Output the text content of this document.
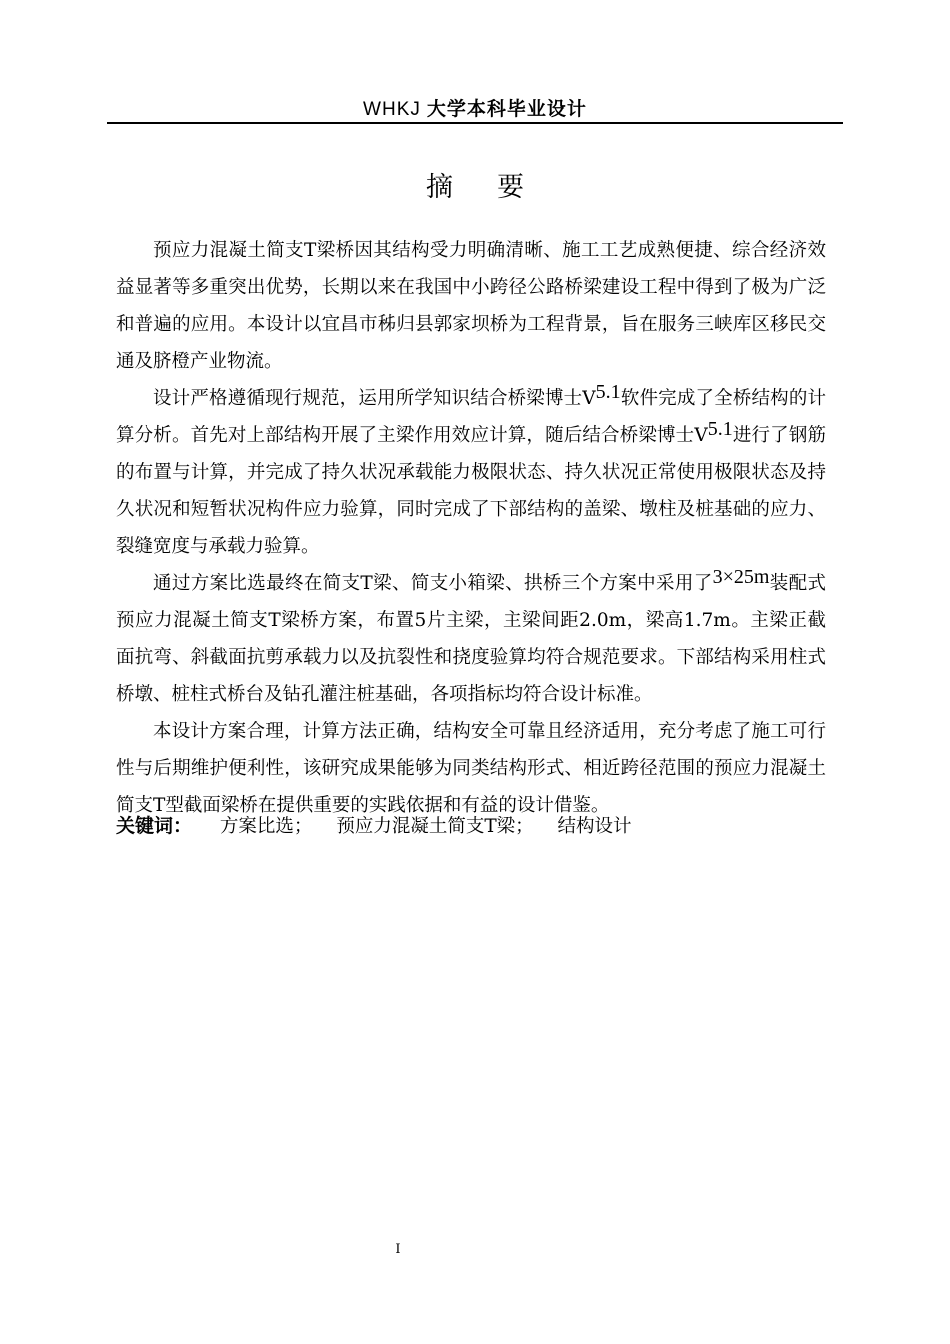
WHKJ 大学本科毕业设计
摘要

预应力混凝土简支T梁桥因其结构受力明确清晰、施工工艺成熟便捷、综合经济效益显著等多重突出优势，长期以来在我国中小跨径公路桥梁建设工程中得到了极为广泛和普遍的应用。本设计以宜昌市秭归县郭家坝桥为工程背景，旨在服务三峡库区移民交通及脐橙产业物流。

设计严格遵循现行规范，运用所学知识结合桥梁博士V5.1软件完成了全桥结构的计算分析。首先对上部结构开展了主梁作用效应计算，随后结合桥梁博士V5.1进行了钢筋的布置与计算，并完成了持久状况承载能力极限状态、持久状况正常使用极限状态及持久状况和短暂状况构件应力验算，同时完成了下部结构的盖梁、墩柱及桩基础的应力、裂缝宽度与承载力验算。

通过方案比选最终在简支T梁、简支小箱梁、拱桥三个方案中采用了3×25m装配式预应力混凝土简支T梁桥方案，布置5片主梁，主梁间距2.0m，梁高1.7m。主梁正截面抗弯、斜截面抗剪承载力以及抗裂性和挠度验算均符合规范要求。下部结构采用柱式桥墩、桩柱式桥台及钻孔灌注桩基础，各项指标均符合设计标准。

本设计方案合理，计算方法正确，结构安全可靠且经济适用，充分考虑了施工可行性与后期维护便利性，该研究成果能够为同类结构形式、相近跨径范围的预应力混凝土简支T型截面梁桥在提供重要的实践依据和有益的设计借鉴。

关键词： 方案比选； 预应力混凝土简支T梁； 结构设计
I
